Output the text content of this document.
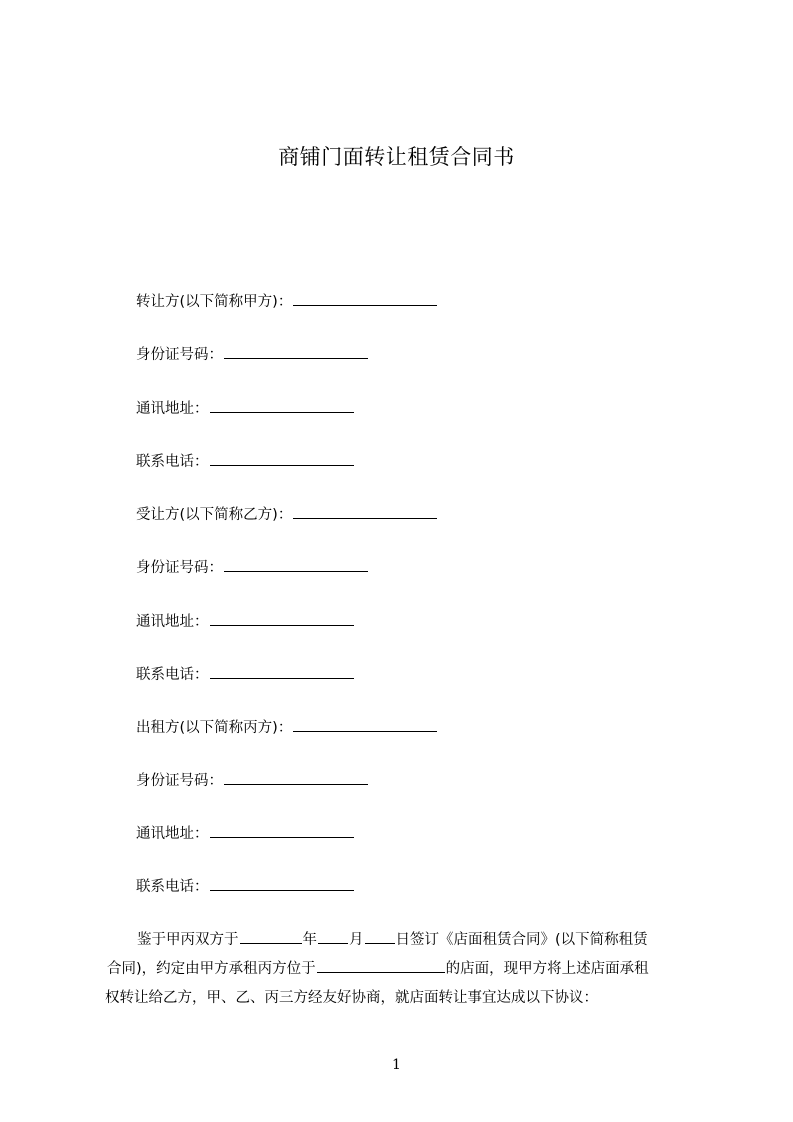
商铺门面转让租赁合同书
转让方(以下简称甲方)：
身份证号码：
通讯地址：
联系电话：
受让方(以下简称乙方)：
身份证号码：
通讯地址：
联系电话：
出租方(以下简称丙方)：
身份证号码：
通讯地址：
联系电话：
鉴于甲丙双方于	年 月 日签订《店面租赁合同》(以下简称租赁
合同)，约定由甲方承租丙方位于	的店面，现甲方将上述店面承租
权转让给乙方，甲、乙、丙三方经友好协商，就店面转让事宜达成以下协议：
1
